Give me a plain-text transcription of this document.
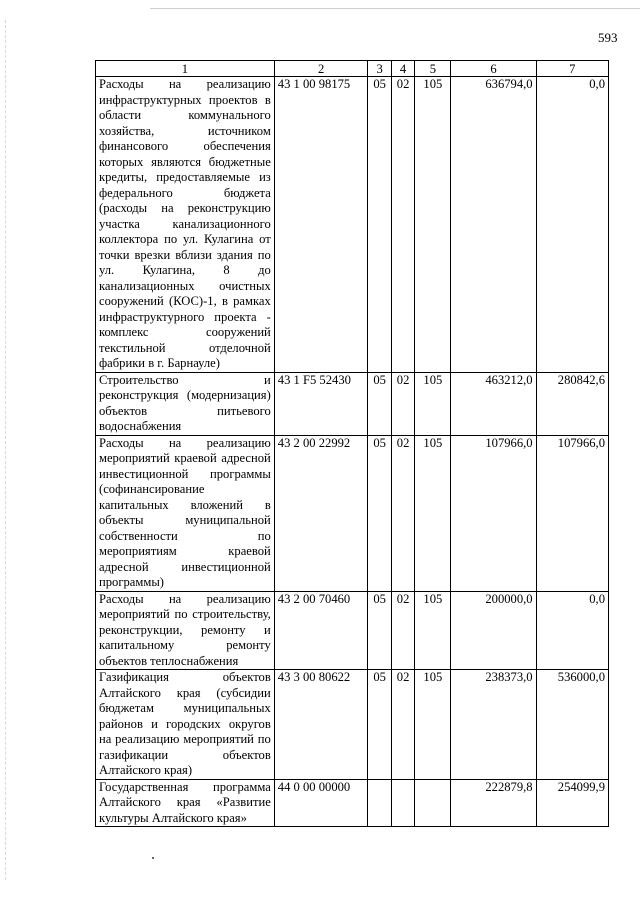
593
1	2	3	4	5	6	7
Расходы на реализацию инфраструктурных проектов в области коммунального хозяйства, источником финансового обеспечения которых являются бюджетные кредиты, предоставляемые из федерального бюджета (расходы на реконструкцию участка канализационного коллектора по ул. Кулагина от точки врезки вблизи здания по ул. Кулагина, 8 до канализационных очистных сооружений (КОС)-1, в рамках инфраструктурного проекта - комплекс сооружений текстильной отделочной фабрики в г. Барнауле)	43 1 00 98175	05	02	105	636794,0	0,0
Строительство и реконструкция (модернизация) объектов питьевого водоснабжения	43 1 F5 52430	05	02	105	463212,0	280842,6
Расходы на реализацию мероприятий краевой адресной инвестиционной программы (софинансирование капитальных вложений в объекты муниципальной собственности по мероприятиям краевой адресной инвестиционной программы)	43 2 00 22992	05	02	105	107966,0	107966,0
Расходы на реализацию мероприятий по строительству, реконструкции, ремонту и капитальному ремонту объектов теплоснабжения	43 2 00 70460	05	02	105	200000,0	0,0
Газификация объектов Алтайского края (субсидии бюджетам муниципальных районов и городских округов на реализацию мероприятий по газификации объектов Алтайского края)	43 3 00 80622	05	02	105	238373,0	536000,0
Государственная программа Алтайского края «Развитие культуры Алтайского края»	44 0 00 00000				222879,8	254099,9
